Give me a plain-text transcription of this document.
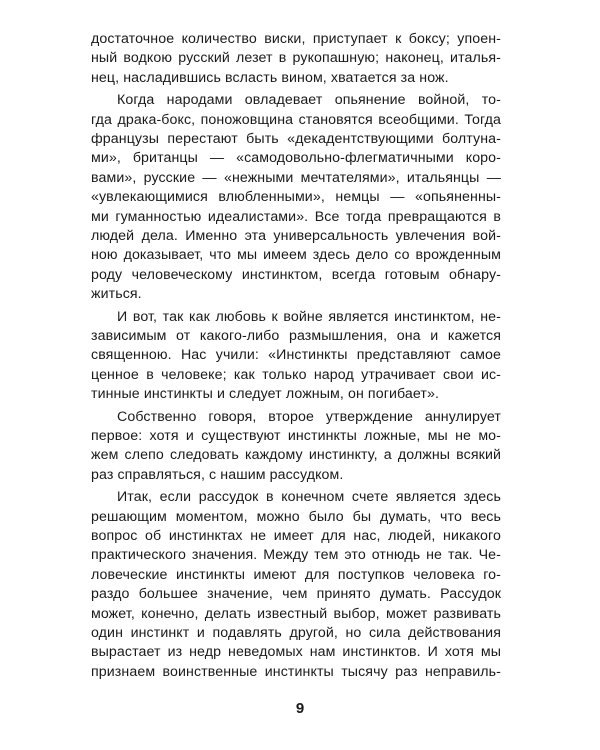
достаточное количество виски, приступает к боксу; упоен-
ный водкою русский лезет в рукопашную; наконец, италья-
нец, насладившись всласть вином, хватается за нож.
Когда народами овладевает опьянение войной, то-
гда драка-бокс, поножовщина становятся всеобщими. Тогда
французы перестают быть «декадентствующими болтуна-
ми», британцы — «самодовольно-флегматичными коро-
вами», русские — «нежными мечтателями», итальянцы —
«увлекающимися влюбленными», немцы — «опьяненны-
ми гуманностью идеалистами». Все тогда превращаются в
людей дела. Именно эта универсальность увлечения вой-
ною доказывает, что мы имеем здесь дело со врожденным
роду человеческому инстинктом, всегда готовым обнару-
житься.
И вот, так как любовь к войне является инстинктом, не-
зависимым от какого-либо размышления, она и кажется
священною. Нас учили: «Инстинкты представляют самое
ценное в человеке; как только народ утрачивает свои ис-
тинные инстинкты и следует ложным, он погибает».
Собственно говоря, второе утверждение аннулирует
первое: хотя и существуют инстинкты ложные, мы не мо-
жем слепо следовать каждому инстинкту, а должны всякий
раз справляться, с нашим рассудком.
Итак, если рассудок в конечном счете является здесь
решающим моментом, можно было бы думать, что весь
вопрос об инстинктах не имеет для нас, людей, никакого
практического значения. Между тем это отнюдь не так. Че-
ловеческие инстинкты имеют для поступков человека го-
раздо большее значение, чем принято думать. Рассудок
может, конечно, делать известный выбор, может развивать
один инстинкт и подавлять другой, но сила действования
вырастает из недр неведомых нам инстинктов. И хотя мы
признаем воинственные инстинкты тысячу раз неправиль-
9
